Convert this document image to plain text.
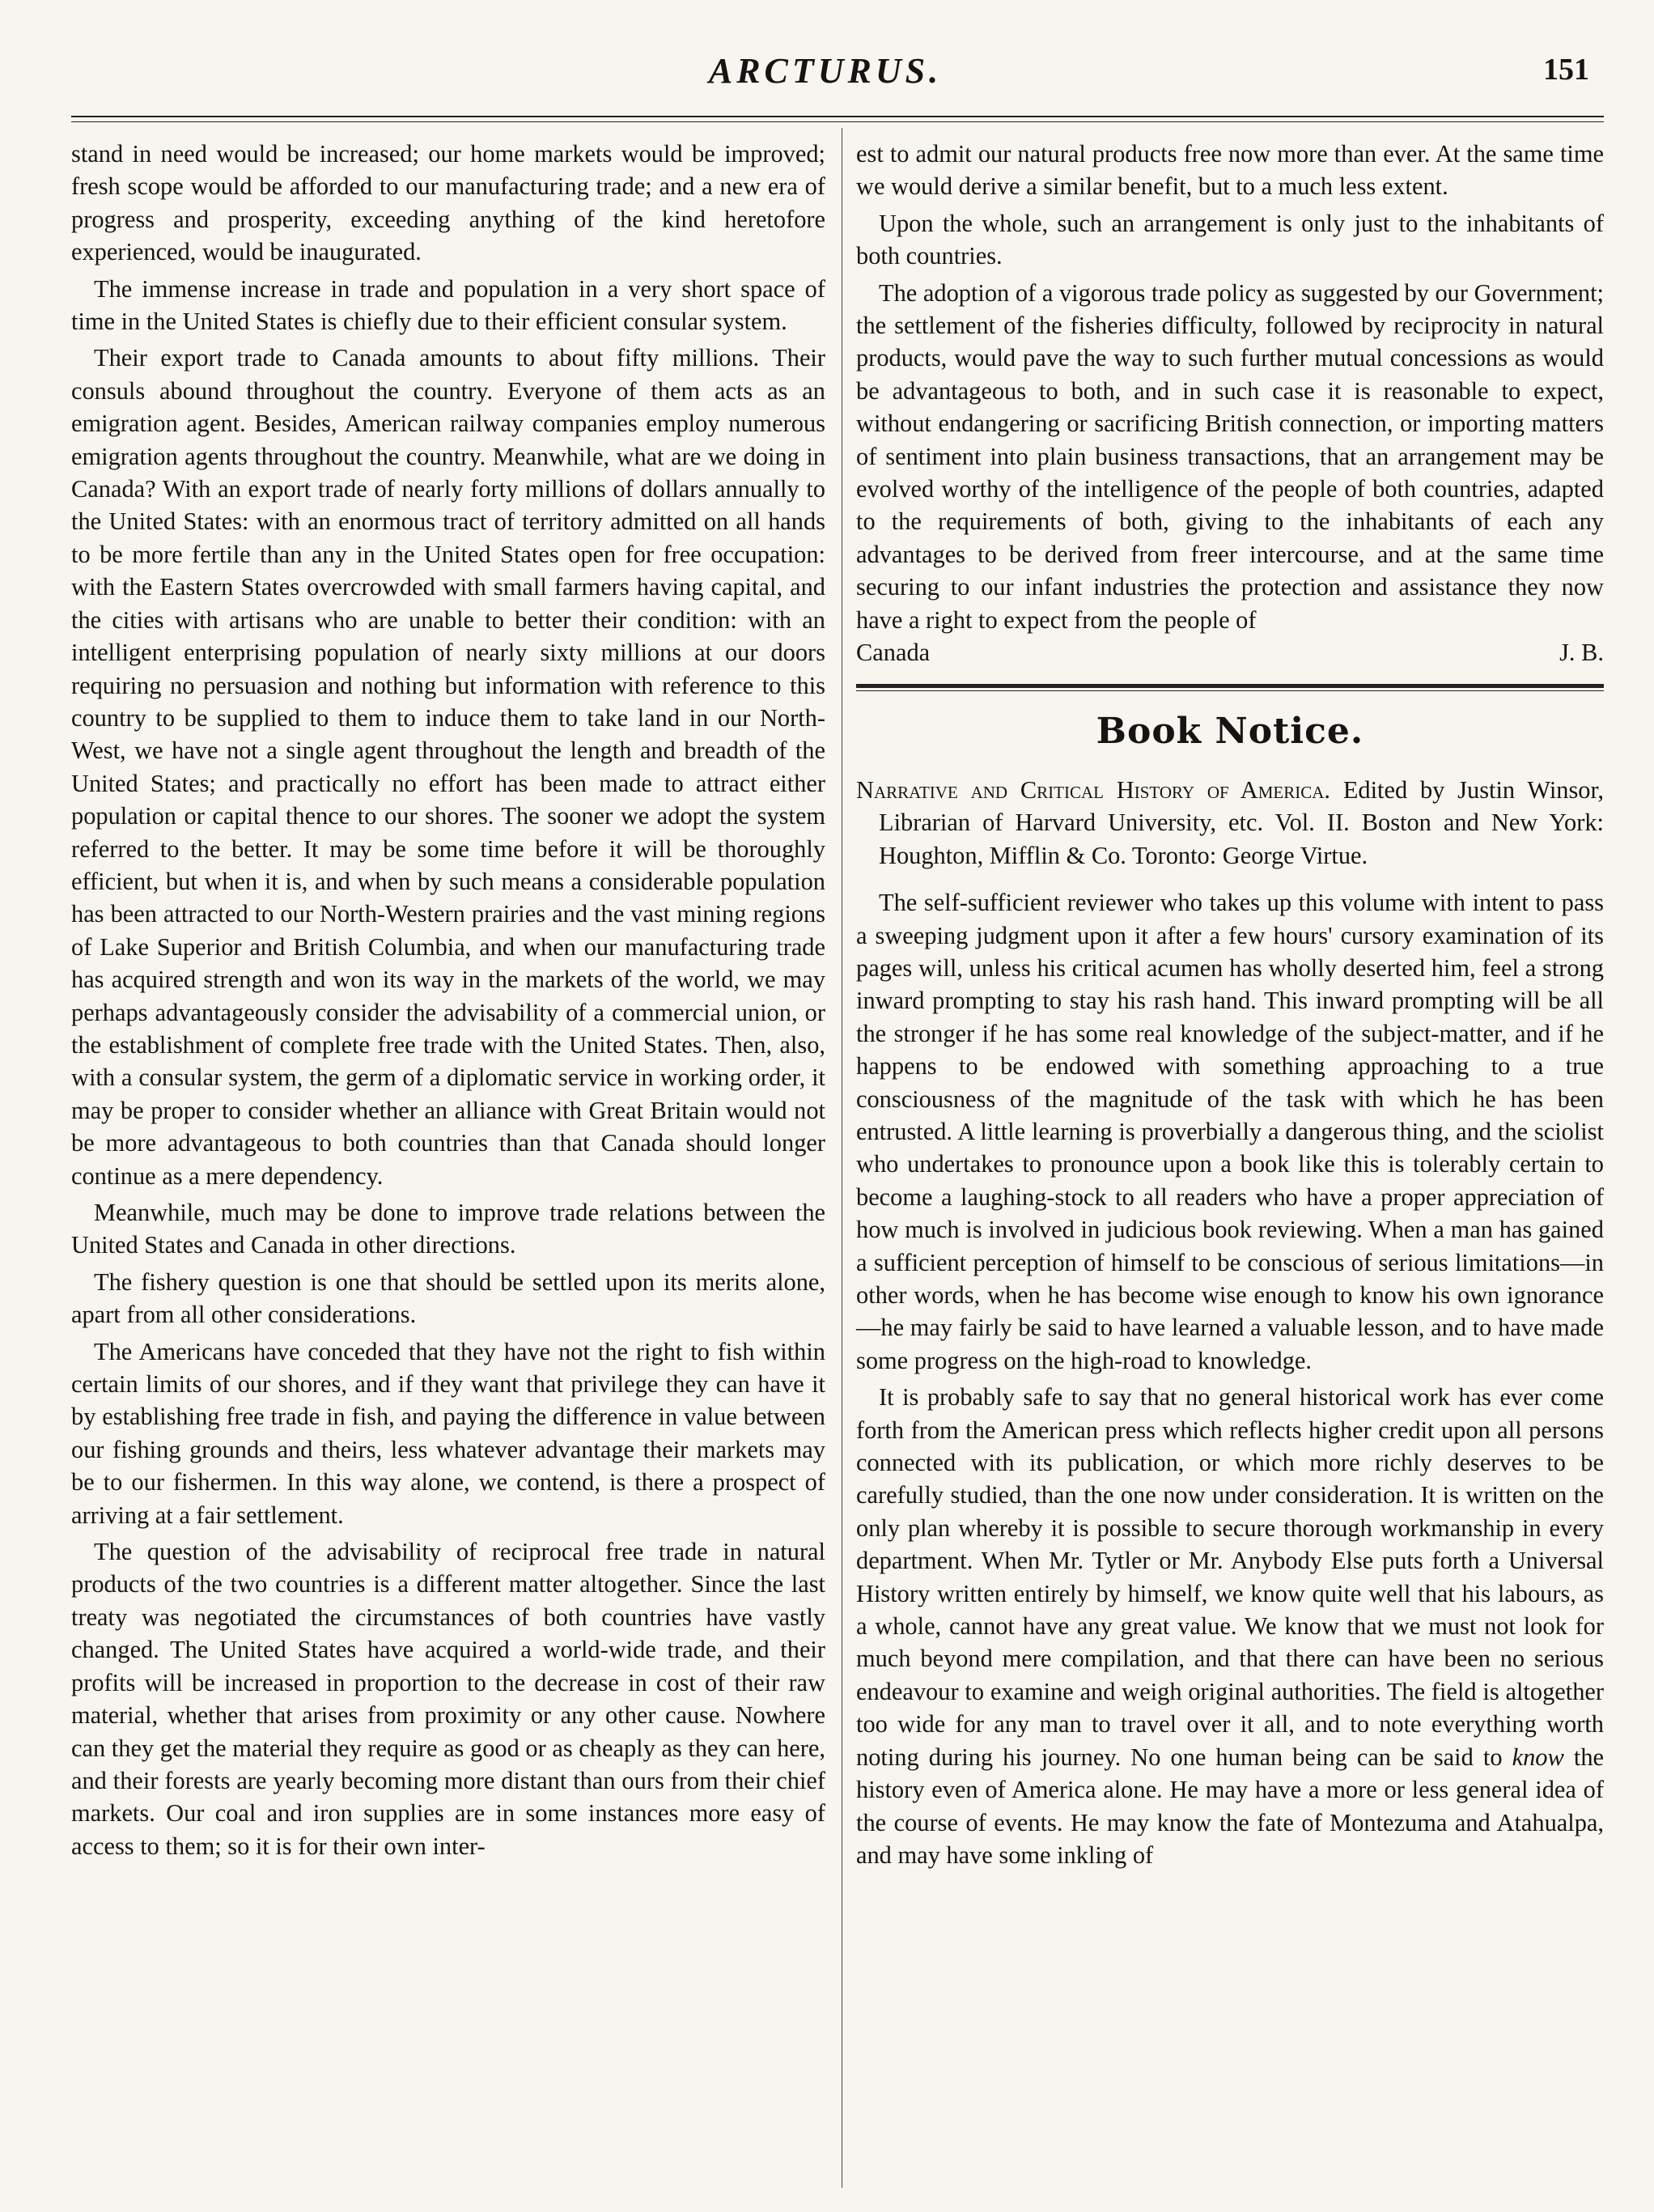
ARCTURUS.	151

stand in need would be increased; our home markets would be improved; fresh scope would be afforded to our manufacturing trade; and a new era of progress and prosperity, exceeding anything of the kind heretofore experienced, would be inaugurated.

The immense increase in trade and population in a very short space of time in the United States is chiefly due to their efficient consular system.

Their export trade to Canada amounts to about fifty millions. Their consuls abound throughout the country. Everyone of them acts as an emigration agent. Besides, American railway companies employ numerous emigration agents throughout the country. Meanwhile, what are we doing in Canada? With an export trade of nearly forty millions of dollars annually to the United States: with an enormous tract of territory admitted on all hands to be more fertile than any in the United States open for free occupation: with the Eastern States overcrowded with small farmers having capital, and the cities with artisans who are unable to better their condition: with an intelligent enterprising population of nearly sixty millions at our doors requiring no persuasion and nothing but information with reference to this country to be supplied to them to induce them to take land in our North-West, we have not a single agent throughout the length and breadth of the United States; and practically no effort has been made to attract either population or capital thence to our shores. The sooner we adopt the system referred to the better. It may be some time before it will be thoroughly efficient, but when it is, and when by such means a considerable population has been attracted to our North-Western prairies and the vast mining regions of Lake Superior and British Columbia, and when our manufacturing trade has acquired strength and won its way in the markets of the world, we may perhaps advantageously consider the advisability of a commercial union, or the establishment of complete free trade with the United States. Then, also, with a consular system, the germ of a diplomatic service in working order, it may be proper to consider whether an alliance with Great Britain would not be more advantageous to both countries than that Canada should longer continue as a mere dependency.

Meanwhile, much may be done to improve trade relations between the United States and Canada in other directions.

The fishery question is one that should be settled upon its merits alone, apart from all other considerations.

The Americans have conceded that they have not the right to fish within certain limits of our shores, and if they want that privilege they can have it by establishing free trade in fish, and paying the difference in value between our fishing grounds and theirs, less whatever advantage their markets may be to our fishermen. In this way alone, we contend, is there a prospect of arriving at a fair settlement.

The question of the advisability of reciprocal free trade in natural products of the two countries is a different matter altogether. Since the last treaty was negotiated the circumstances of both countries have vastly changed. The United States have acquired a world-wide trade, and their profits will be increased in proportion to the decrease in cost of their raw material, whether that arises from proximity or any other cause. Nowhere can they get the material they require as good or as cheaply as they can here, and their forests are yearly becoming more distant than ours from their chief markets. Our coal and iron supplies are in some instances more easy of access to them; so it is for their own inter-

est to admit our natural products free now more than ever. At the same time we would derive a similar benefit, but to a much less extent.

Upon the whole, such an arrangement is only just to the inhabitants of both countries.

The adoption of a vigorous trade policy as suggested by our Government; the settlement of the fisheries difficulty, followed by reciprocity in natural products, would pave the way to such further mutual concessions as would be advantageous to both, and in such case it is reasonable to expect, without endangering or sacrificing British connection, or importing matters of sentiment into plain business transactions, that an arrangement may be evolved worthy of the intelligence of the people of both countries, adapted to the requirements of both, giving to the inhabitants of each any advantages to be derived from freer intercourse, and at the same time securing to our infant industries the protection and assistance they now have a right to expect from the people of

Canada	J. B.

Book Notice.
Narrative and Critical History of America. Edited by Justin Winsor, Librarian of Harvard University, etc. Vol. II. Boston and New York: Houghton, Mifflin & Co. Toronto: George Virtue.

The self-sufficient reviewer who takes up this volume with intent to pass a sweeping judgment upon it after a few hours' cursory examination of its pages will, unless his critical acumen has wholly deserted him, feel a strong inward prompting to stay his rash hand. This inward prompting will be all the stronger if he has some real knowledge of the subject-matter, and if he happens to be endowed with something approaching to a true consciousness of the magnitude of the task with which he has been entrusted. A little learning is proverbially a dangerous thing, and the sciolist who undertakes to pronounce upon a book like this is tolerably certain to become a laughing-stock to all readers who have a proper appreciation of how much is involved in judicious book reviewing. When a man has gained a sufficient perception of himself to be conscious of serious limitations—in other words, when he has become wise enough to know his own ignorance—he may fairly be said to have learned a valuable lesson, and to have made some progress on the high-road to knowledge.

It is probably safe to say that no general historical work has ever come forth from the American press which reflects higher credit upon all persons connected with its publication, or which more richly deserves to be carefully studied, than the one now under consideration. It is written on the only plan whereby it is possible to secure thorough workmanship in every department. When Mr. Tytler or Mr. Anybody Else puts forth a Universal History written entirely by himself, we know quite well that his labours, as a whole, cannot have any great value. We know that we must not look for much beyond mere compilation, and that there can have been no serious endeavour to examine and weigh original authorities. The field is altogether too wide for any man to travel over it all, and to note everything worth noting during his journey. No one human being can be said to know the history even of America alone. He may have a more or less general idea of the course of events. He may know the fate of Montezuma and Atahualpa, and may have some inkling of
